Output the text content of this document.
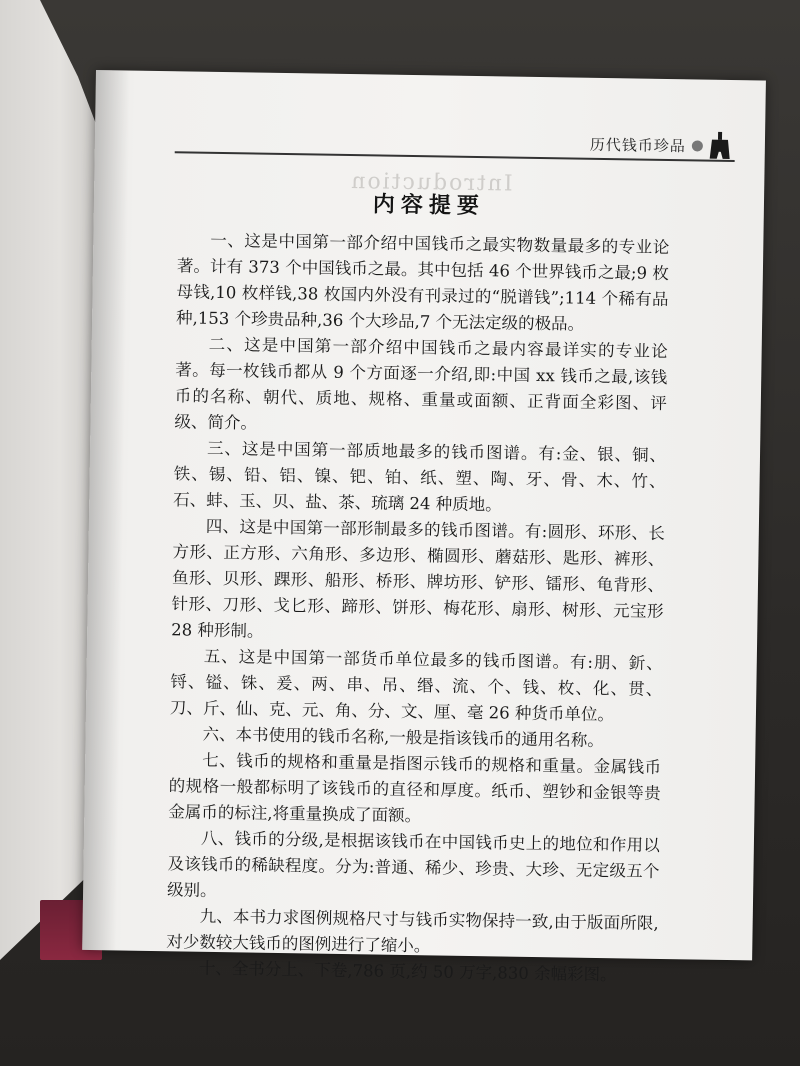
历代钱币珍品
Introduction
内容提要

一、这是中国第一部介绍中国钱币之最实物数量最多的专业论著。计有 373 个中国钱币之最。其中包括 46 个世界钱币之最;9 枚母钱,10 枚样钱,38 枚国内外没有刊录过的“脱谱钱”;114 个稀有品种,153 个珍贵品种,36 个大珍品,7 个无法定级的极品。

二、这是中国第一部介绍中国钱币之最内容最详实的专业论著。每一枚钱币都从 9 个方面逐一介绍,即:中国 xx 钱币之最,该钱币的名称、朝代、质地、规格、重量或面额、正背面全彩图、评级、简介。

三、这是中国第一部质地最多的钱币图谱。有:金、银、铜、铁、锡、铅、铝、镍、钯、铂、纸、塑、陶、牙、骨、木、竹、石、蚌、玉、贝、盐、茶、琉璃 24 种质地。

四、这是中国第一部形制最多的钱币图谱。有:圆形、环形、长方形、正方形、六角形、多边形、椭圆形、蘑菇形、匙形、裤形、鱼形、贝形、踝形、船形、桥形、牌坊形、铲形、镭形、龟背形、针形、刀形、戈匕形、蹄形、饼形、梅花形、扇形、树形、元宝形 28 种形制。

五、这是中国第一部货币单位最多的钱币图谱。有:朋、釿、锊、镒、铢、爰、两、串、吊、缗、流、个、钱、枚、化、贯、刀、斤、仙、克、元、角、分、文、厘、毫 26 种货币单位。

六、本书使用的钱币名称,一般是指该钱币的通用名称。

七、钱币的规格和重量是指图示钱币的规格和重量。金属钱币的规格一般都标明了该钱币的直径和厚度。纸币、塑钞和金银等贵金属币的标注,将重量换成了面额。

八、钱币的分级,是根据该钱币在中国钱币史上的地位和作用以及该钱币的稀缺程度。分为:普通、稀少、珍贵、大珍、无定级五个级别。

九、本书力求图例规格尺寸与钱币实物保持一致,由于版面所限,对少数较大钱币的图例进行了缩小。

十、全书分上、下卷,786 页,约 50 万字,830 余幅彩图。
